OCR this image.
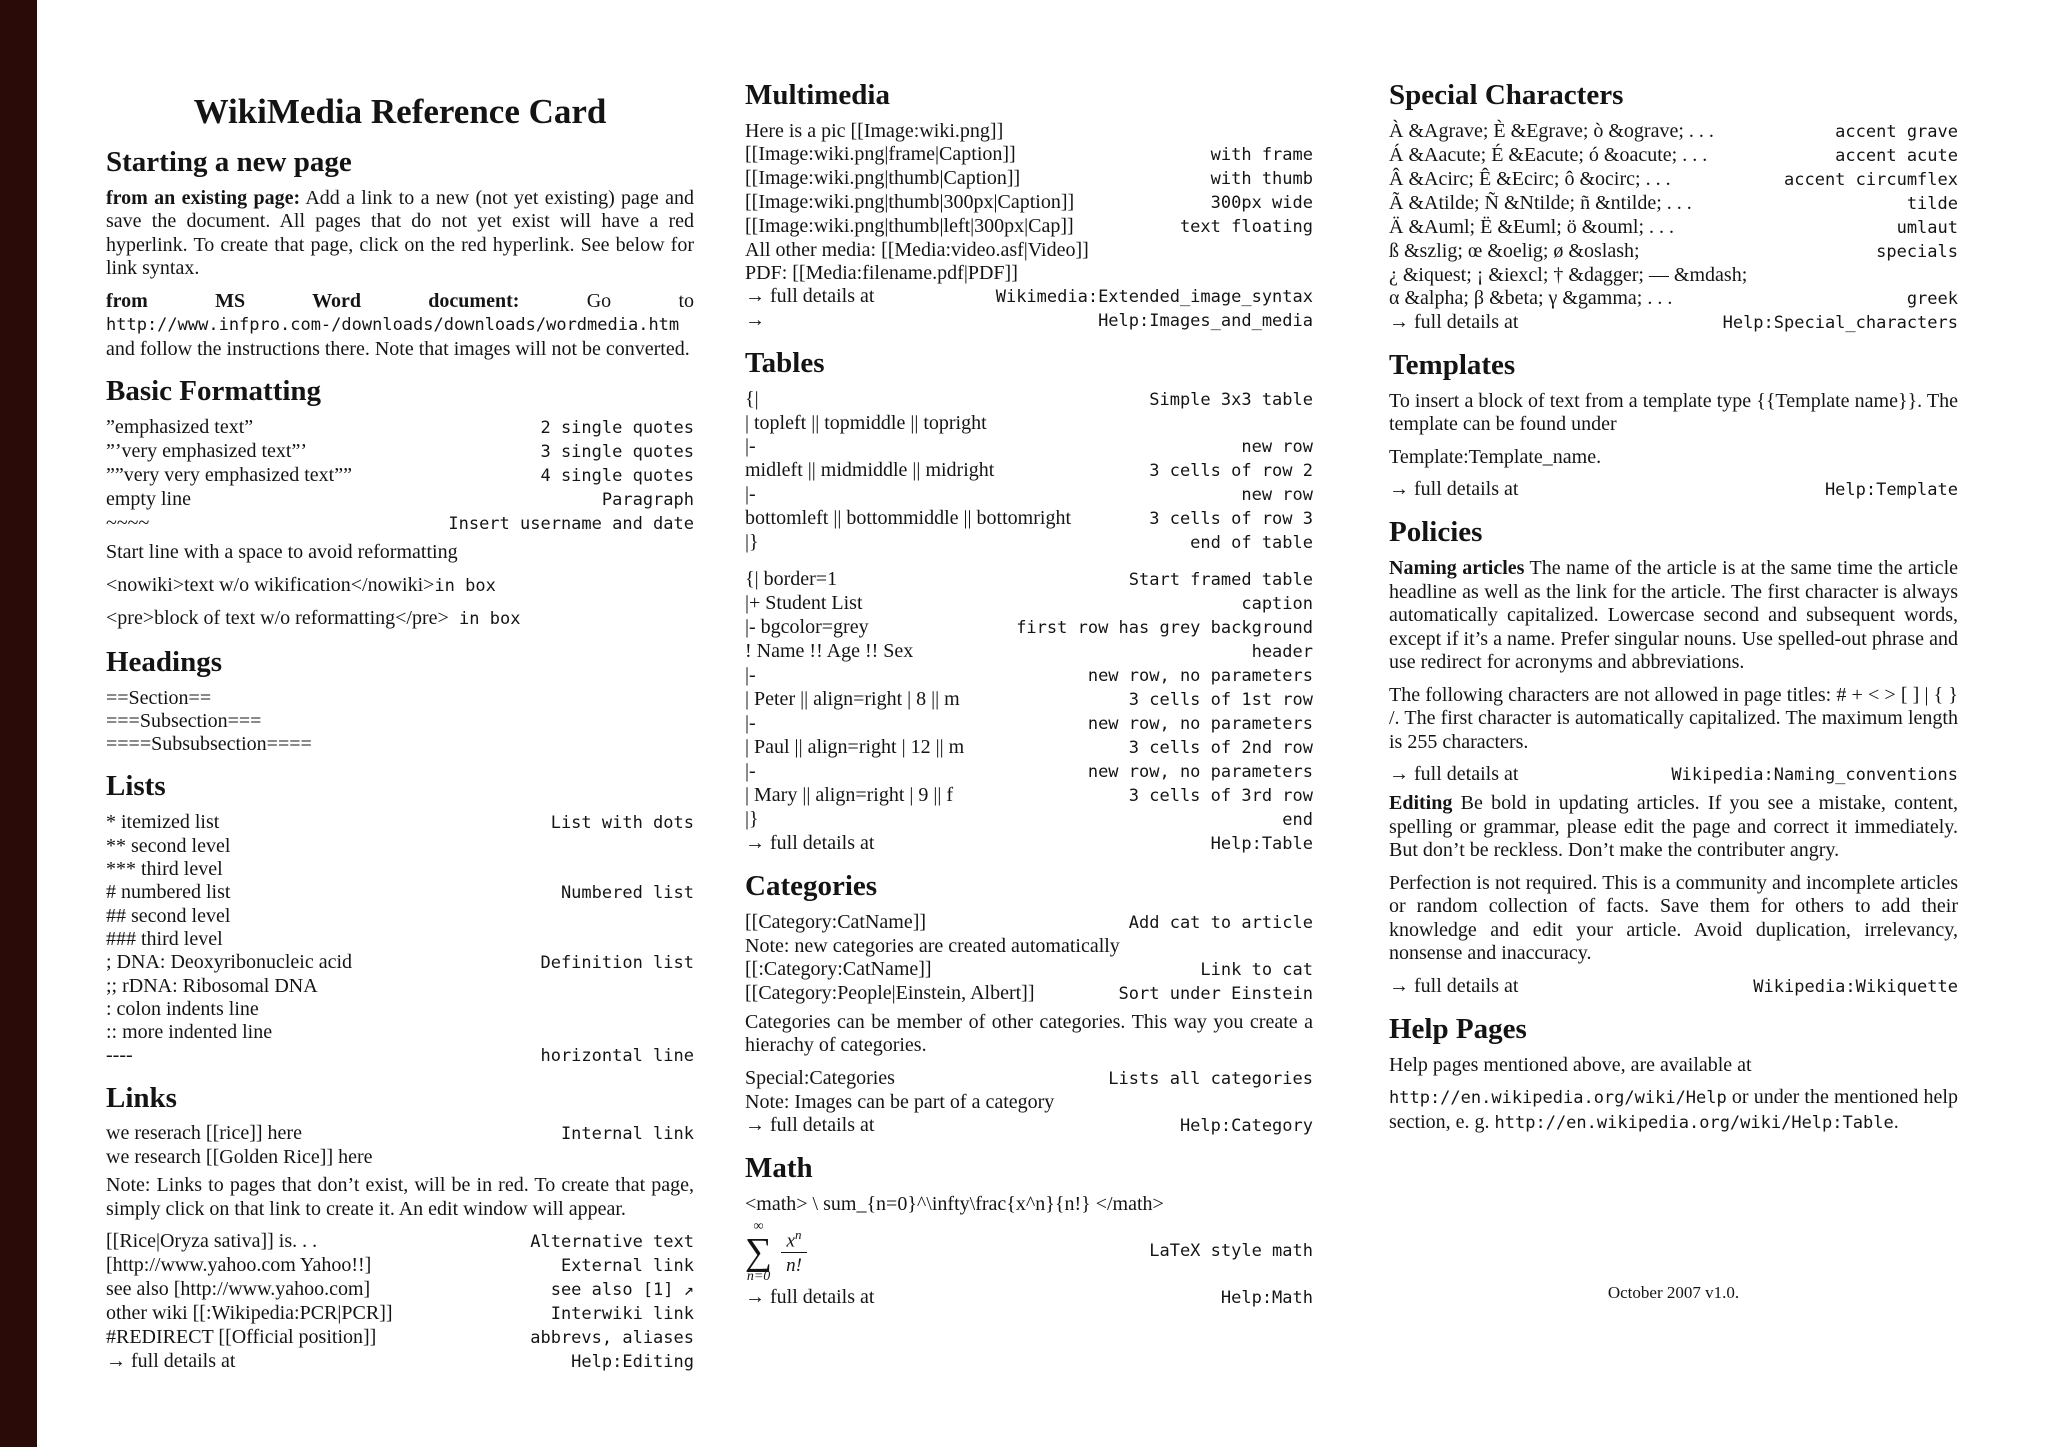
WikiMedia Reference Card
Starting a new page
from an existing page: Add a link to a new (not yet existing) page and save the document. All pages that do not yet exist will have a red hyperlink. To create that page, click on the red hyperlink. See below for link syntax.
from MS Word document: Go to http://www.infpro.com-/downloads/downloads/wordmedia.htm and follow the instructions there. Note that images will not be converted.
Basic Formatting
”emphasized text”	2 single quotes
”’very emphasized text”’	3 single quotes
””very very emphasized text””	4 single quotes
empty line	Paragraph
~~~~	Insert username and date
Start line with a space to avoid reformatting
<nowiki>text w/o wikification</nowiki>in box
<pre>block of text w/o reformatting</pre> in box
Headings
==Section==
===Subsection===
====Subsubsection====
Lists
* itemized list	List with dots
** second level
*** third level
# numbered list	Numbered list
## second level
### third level
; DNA: Deoxyribonucleic acid	Definition list
;; rDNA: Ribosomal DNA
: colon indents line
:: more indented line
----	horizontal line
Links
we reserach [[rice]] here	Internal link
we research [[Golden Rice]] here
Note: Links to pages that don’t exist, will be in red. To create that page, simply click on that link to create it. An edit window will appear.
[[Rice|Oryza sativa]] is. . .	Alternative text
[http://www.yahoo.com Yahoo!!]	External link
see also [http://www.yahoo.com]	see also [1] ↗
other wiki [[:Wikipedia:PCR|PCR]]	Interwiki link
#REDIRECT [[Official position]]	abbrevs, aliases
→ full details at	Help:Editing
Multimedia
Here is a pic [[Image:wiki.png]]
[[Image:wiki.png|frame|Caption]]	with frame
[[Image:wiki.png|thumb|Caption]]	with thumb
[[Image:wiki.png|thumb|300px|Caption]]	300px wide
[[Image:wiki.png|thumb|left|300px|Cap]]	text floating
All other media: [[Media:video.asf|Video]]
PDF: [[Media:filename.pdf|PDF]]
→ full details at	Wikimedia:Extended_image_syntax
→	Help:Images_and_media
Tables
{|	Simple 3x3 table
| topleft || topmiddle || topright
|-	new row
midleft || midmiddle || midright	3 cells of row 2
|-	new row
bottomleft || bottommiddle || bottomright	3 cells of row 3
|}	end of table
{| border=1	Start framed table
|+ Student List	caption
|- bgcolor=grey	first row has grey background
! Name !! Age !! Sex	header
|-	new row, no parameters
| Peter || align=right | 8 || m	3 cells of 1st row
|-	new row, no parameters
| Paul || align=right | 12 || m	3 cells of 2nd row
|-	new row, no parameters
| Mary || align=right | 9 || f	3 cells of 3rd row
|}	end
→ full details at	Help:Table
Categories
[[Category:CatName]]	Add cat to article
Note: new categories are created automatically
[[:Category:CatName]]	Link to cat
[[Category:People|Einstein, Albert]]	Sort under Einstein
Categories can be member of other categories. This way you create a hierachy of categories.
Special:Categories	Lists all categories
Note: Images can be part of a category
→ full details at	Help:Category
Math
<math> \ sum_{n=0}^\infty\frac{x^n}{n!} </math>
∞
∑
n=0
$\frac{x^n}{n!}$	LaTeX style math
→ full details at	Help:Math
Special Characters
À &Agrave; È &Egrave; ò &ograve; . . .	accent grave
Á &Aacute; É &Eacute; ó &oacute; . . .	accent acute
Â &Acirc; Ê &Ecirc; ô &ocirc; . . .	accent circumflex
Ã &Atilde; Ñ &Ntilde; ñ &ntilde; . . .	tilde
Ä &Auml; Ë &Euml; ö &ouml; . . .	umlaut
ß &szlig; œ &oelig; ø &oslash;	specials
¿ &iquest; ¡ &iexcl; † &dagger; — &mdash;
α &alpha; β &beta; γ &gamma; . . .	greek
→ full details at	Help:Special_characters
Templates
To insert a block of text from a template type {{Template name}}. The template can be found under
Template:Template_name.
→ full details at	Help:Template
Policies
Naming articles The name of the article is at the same time the article headline as well as the link for the article. The first character is always automatically capitalized. Lowercase second and subsequent words, except if it’s a name. Prefer singular nouns. Use spelled-out phrase and use redirect for acronyms and abbreviations.
The following characters are not allowed in page titles: # + < > [ ] | { } /. The first character is automatically capitalized. The maximum length is 255 characters.
→ full details at	Wikipedia:Naming_conventions
Editing Be bold in updating articles. If you see a mistake, content, spelling or grammar, please edit the page and correct it immediately. But don’t be reckless. Don’t make the contributer angry.
Perfection is not required. This is a community and incomplete articles or random collection of facts. Save them for others to add their knowledge and edit your article. Avoid duplication, irrelevancy, nonsense and inaccuracy.
→ full details at	Wikipedia:Wikiquette
Help Pages
Help pages mentioned above, are available at
http://en.wikipedia.org/wiki/Help or under the mentioned help section, e. g. http://en.wikipedia.org/wiki/Help:Table.
October 2007 v1.0.
